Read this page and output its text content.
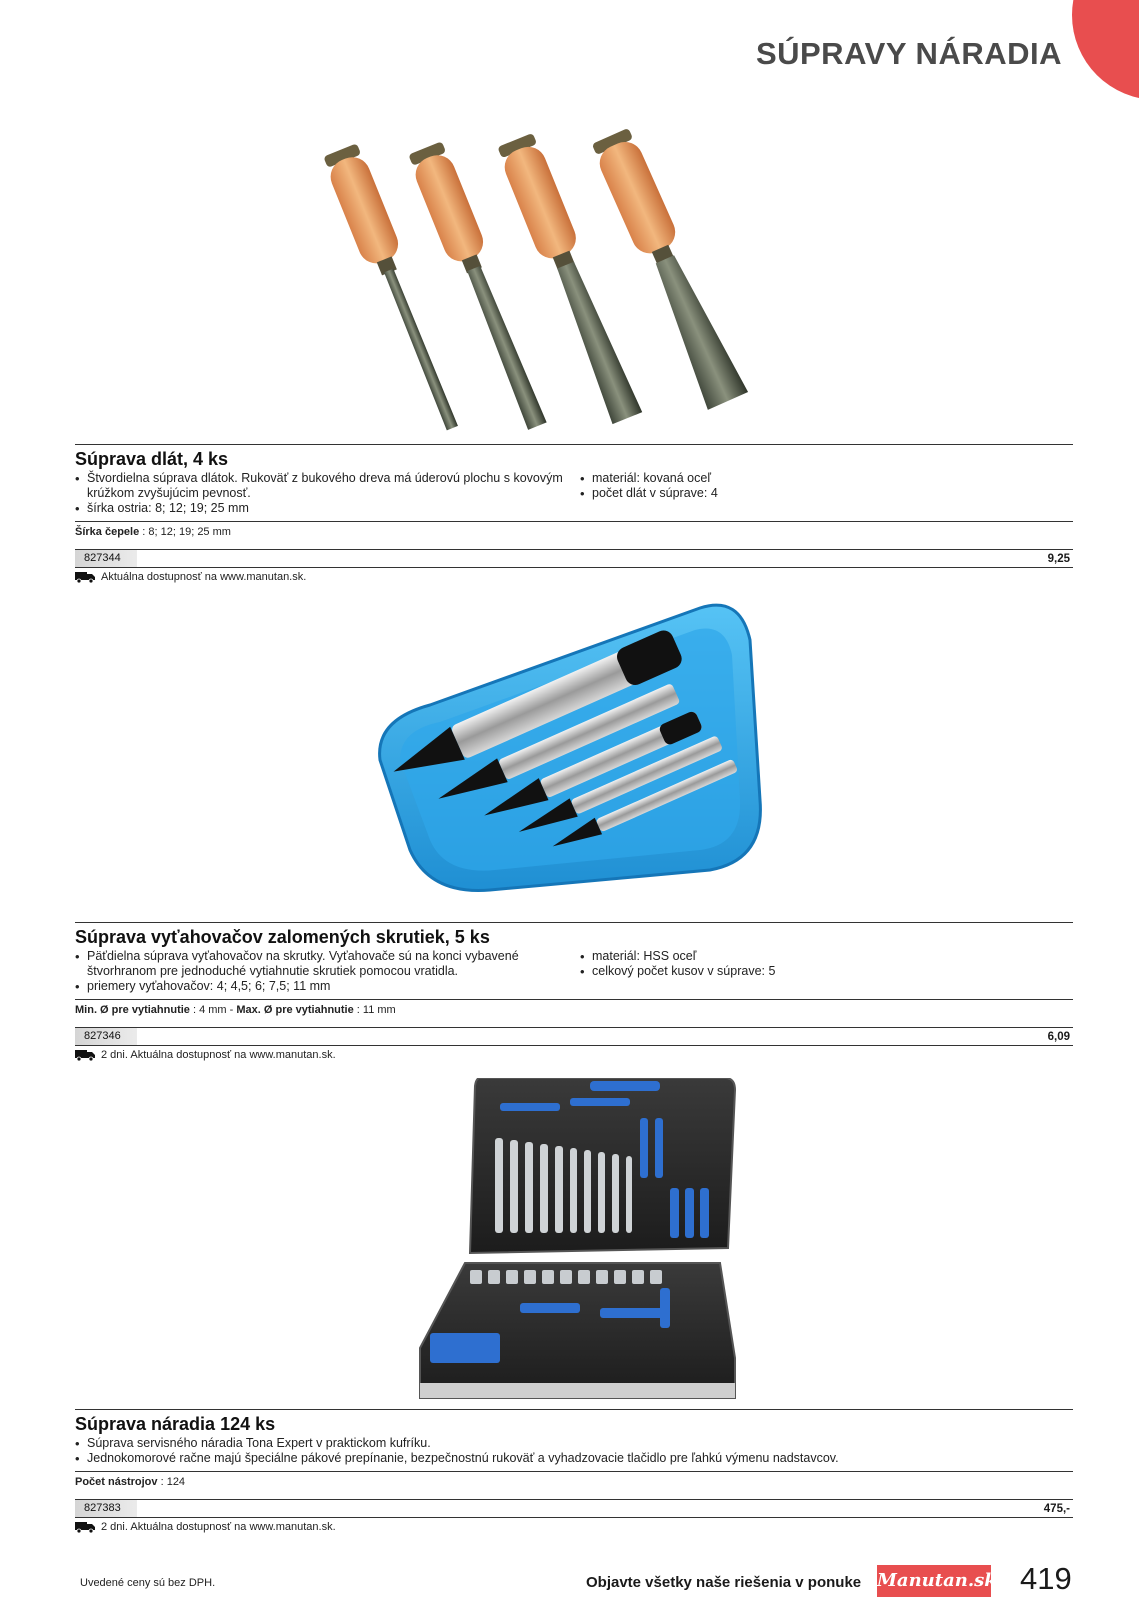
SÚPRAVY NÁRADIA
Súprava dlát, 4 ks
• Štvordielna súprava dlátok. Rukoväť z bukového dreva má úderovú plochu s kovovým krúžkom zvyšujúcim pevnosť.
• šírka ostria: 8; 12; 19; 25 mm
• materiál: kovaná oceľ
• počet dlát v súprave: 4
Šírka čepele : 8; 12; 19; 25 mm
827344	9,25
Aktuálna dostupnosť na www.manutan.sk.
Súprava vyťahovačov zalomených skrutiek, 5 ks
• Päťdielna súprava vyťahovačov na skrutky. Vyťahovače sú na konci vybavené štvorhranom pre jednoduché vytiahnutie skrutiek pomocou vratidla.
• priemery vyťahovačov: 4; 4,5; 6; 7,5; 11 mm
• materiál: HSS oceľ
• celkový počet kusov v súprave: 5
Min. Ø pre vytiahnutie : 4 mm - Max. Ø pre vytiahnutie : 11 mm
827346	6,09
2 dni. Aktuálna dostupnosť na www.manutan.sk.
Súprava náradia 124 ks
• Súprava servisného náradia Tona Expert v praktickom kufríku.
• Jednokomorové račne majú špeciálne pákové prepínanie, bezpečnostnú rukoväť a vyhadzovacie tlačidlo pre ľahkú výmenu nadstavcov.
Počet nástrojov : 124
827383	475,-
2 dni. Aktuálna dostupnosť na www.manutan.sk.
Uvedené ceny sú bez DPH.	Objavte všetky naše riešenia v ponuke Manutan.sk 419
